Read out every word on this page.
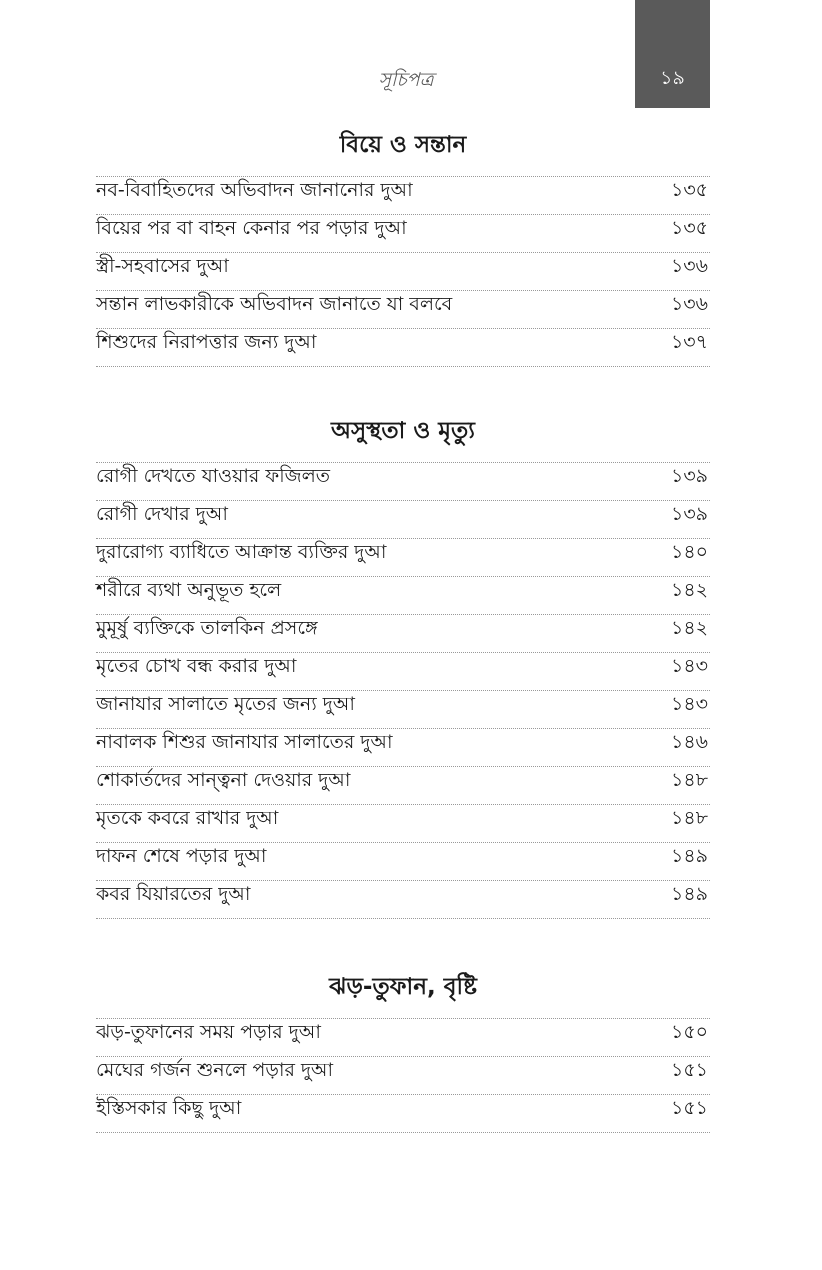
সূচিপত্র	১৯
বিয়ে ও সন্তান
নব-বিবাহিতদের অভিবাদন জানানোর দুআ	১৩৫
বিয়ের পর বা বাহন কেনার পর পড়ার দুআ	১৩৫
স্ত্রী-সহবাসের দুআ	১৩৬
সন্তান লাভকারীকে অভিবাদন জানাতে যা বলবে	১৩৬
শিশুদের নিরাপত্তার জন্য দুআ	১৩৭
অসুস্থতা ও মৃত্যু
রোগী দেখতে যাওয়ার ফজিলত	১৩৯
রোগী দেখার দুআ	১৩৯
দুরারোগ্য ব্যাধিতে আক্রান্ত ব্যক্তির দুআ	১৪০
শরীরে ব্যথা অনুভূত হলে	১৪২
মুমূর্ষু ব্যক্তিকে তালকিন প্রসঙ্গে	১৪২
মৃতের চোখ বন্ধ করার দুআ	১৪৩
জানাযার সালাতে মৃতের জন্য দুআ	১৪৩
নাবালক শিশুর জানাযার সালাতের দুআ	১৪৬
শোকার্তদের সান্ত্বনা দেওয়ার দুআ	১৪৮
মৃতকে কবরে রাখার দুআ	১৪৮
দাফন শেষে পড়ার দুআ	১৪৯
কবর যিয়ারতের দুআ	১৪৯
ঝড়-তুফান, বৃষ্টি
ঝড়-তুফানের সময় পড়ার দুআ	১৫০
মেঘের গর্জন শুনলে পড়ার দুআ	১৫১
ইস্তিসকার কিছু দুআ	১৫১
